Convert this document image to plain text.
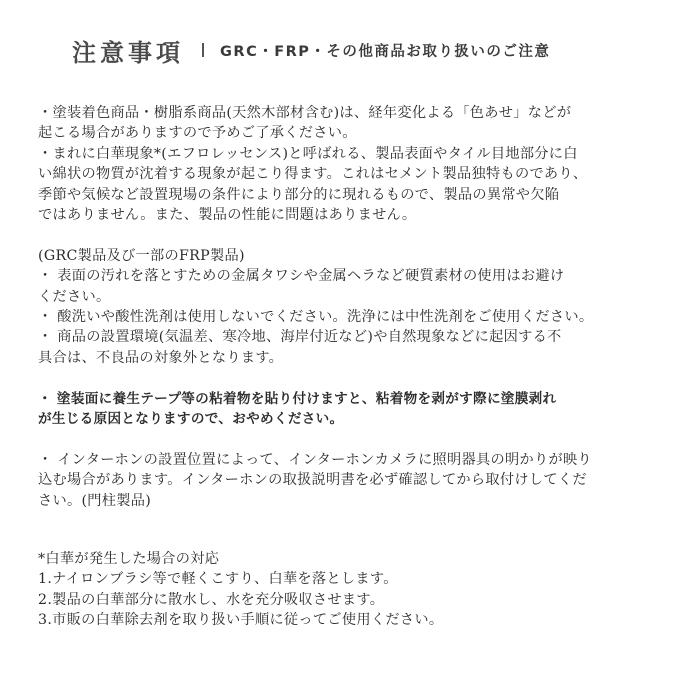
注意事項 GRC・FRP・その他商品お取り扱いのご注意

・塗装着色商品・樹脂系商品(天然木部材含む)は、経年変化よる「色あせ」などが

起こる場合がありますので予めご了承ください。

・まれに白華現象*(エフロレッセンス)と呼ばれる、製品表面やタイル目地部分に白

い綿状の物質が沈着する現象が起こり得ます。これはセメント製品独特ものであり、

季節や気候など設置現場の条件により部分的に現れるもので、製品の異常や欠陥

ではありません。また、製品の性能に問題はありません。

(GRC製品及び一部のFRP製品)

・ 表面の汚れを落とすための金属タワシや金属ヘラなど硬質素材の使用はお避け

ください。

・ 酸洗いや酸性洗剤は使用しないでください。洗浄には中性洗剤をご使用ください。

・ 商品の設置環境(気温差、寒冷地、海岸付近など)や自然現象などに起因する不

具合は、不良品の対象外となります。

・ 塗装面に養生テープ等の粘着物を貼り付けますと、粘着物を剥がす際に塗膜剥れ

が生じる原因となりますので、おやめください。

・ インターホンの設置位置によって、インターホンカメラに照明器具の明かりが映り

込む場合があります。インターホンの取扱説明書を必ず確認してから取付けしてくだ

さい。(門柱製品)

*白華が発生した場合の対応

1.ナイロンブラシ等で軽くこすり、白華を落とします。

2.製品の白華部分に散水し、水を充分吸収させます。

3.市販の白華除去剤を取り扱い手順に従ってご使用ください。
